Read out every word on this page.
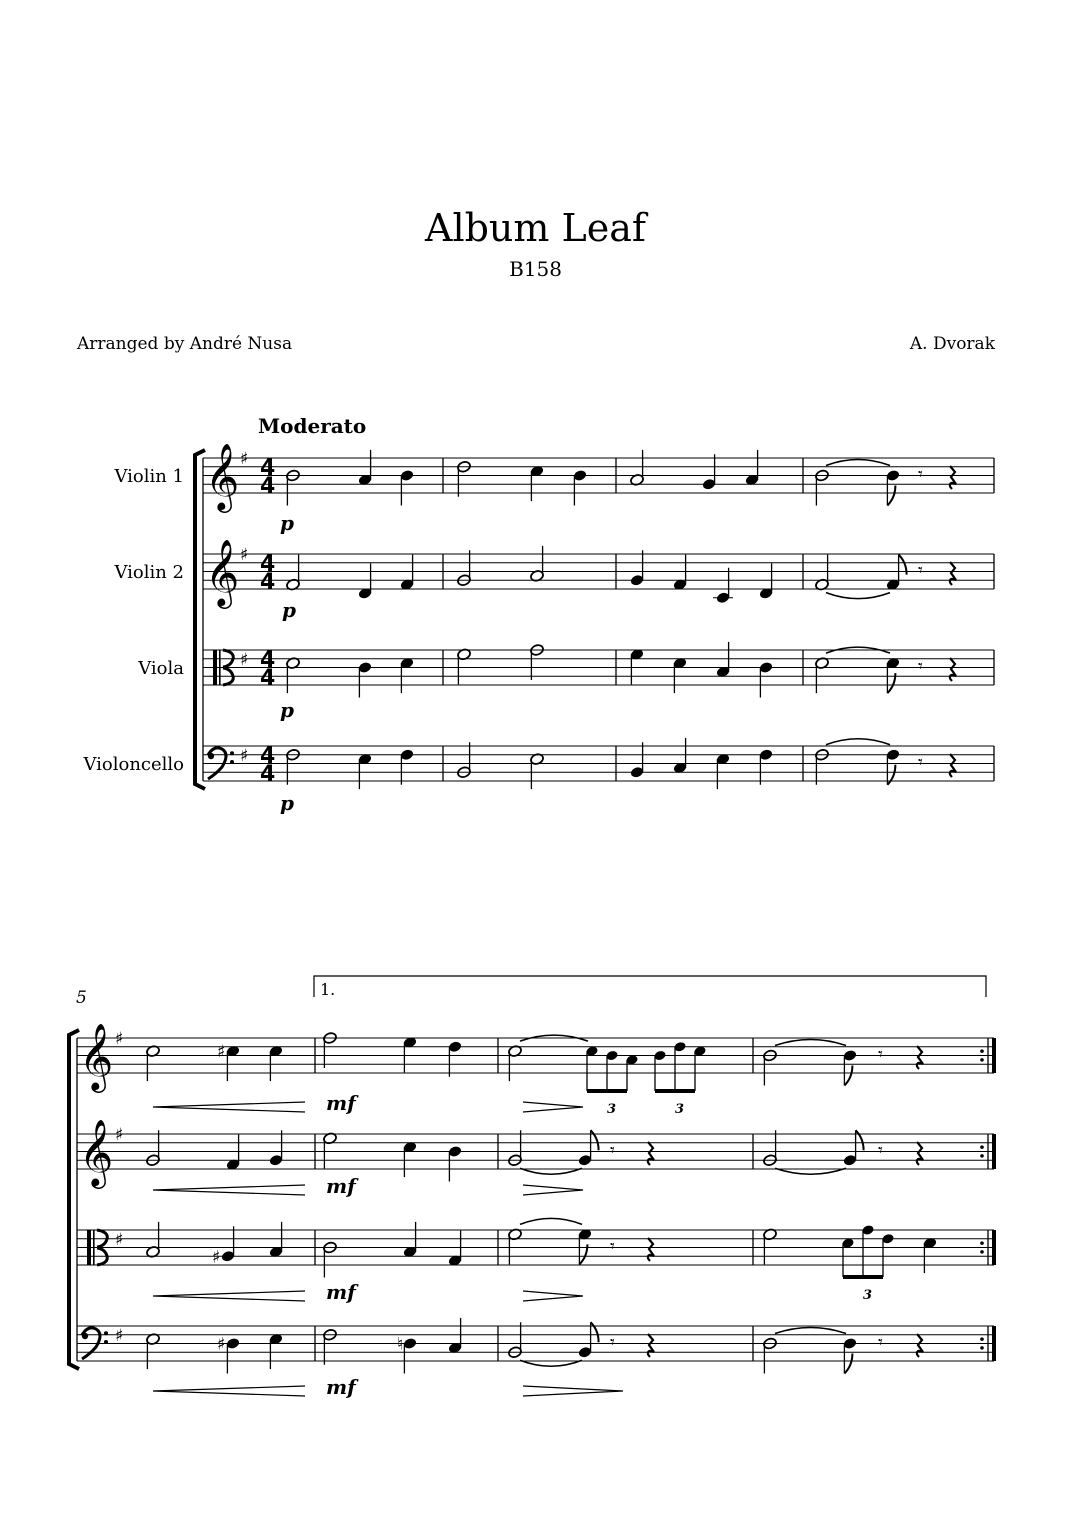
Album Leaf
B158
Arranged by André Nusa	A. Dvorak
Violin 1
Violin 2
Viola
Violoncello
Moderato
𝄞
𝄞
♯
♯
♯
♯
4
4
4
4
4
4
4
4
𝄾
𝄾
𝄾
𝄾
p
p
p
p
5	1.
𝄞
𝄞
♯
♯
♯
♯
♯
3	3
𝄾
𝄾	𝄾
♯
𝄾
3
♯	♮	𝄾	𝄾
mf
mf
mf
mf
